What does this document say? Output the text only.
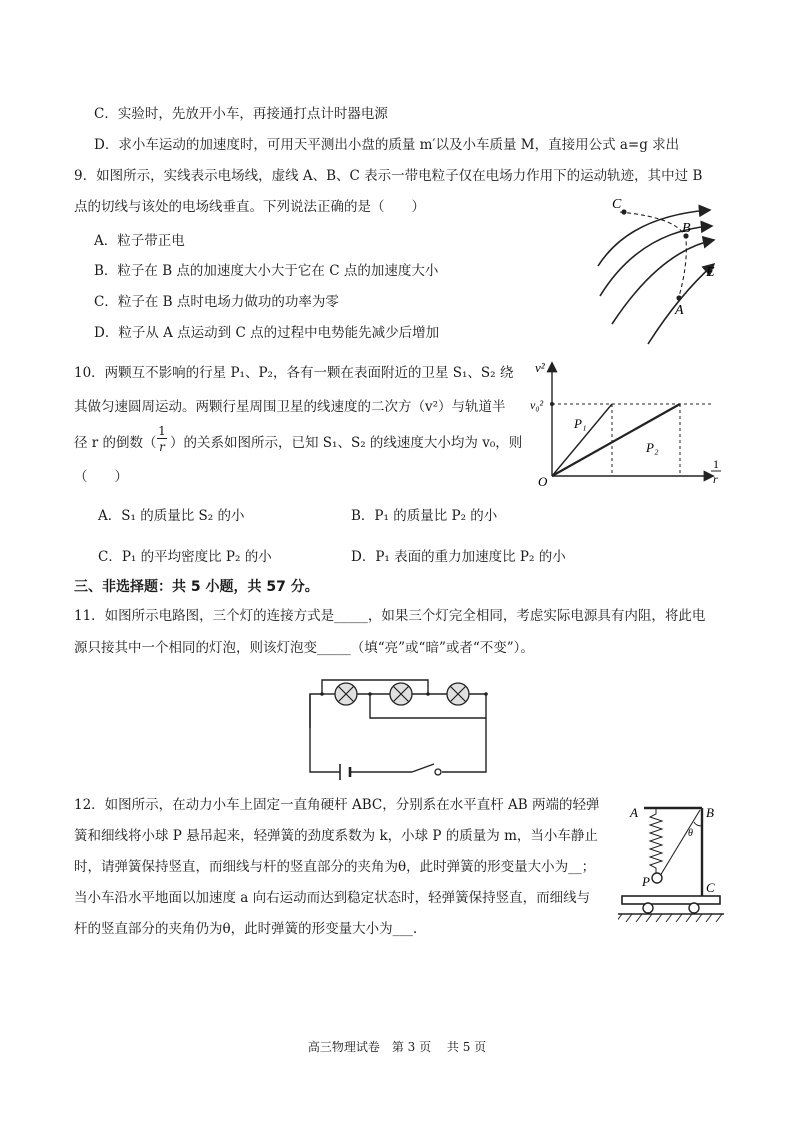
C．实验时，先放开小车，再接通打点计时器电源
D．求小车运动的加速度时，可用天平测出小盘的质量 m′以及小车质量 M，直接用公式 a=g 求出
9．如图所示，实线表示电场线，虚线 A、B、C 表示一带电粒子仅在电场力作用下的运动轨迹，其中过 B
点的切线与该处的电场线垂直。下列说法正确的是（　　）
A．粒子带正电
B．粒子在 B 点的加速度大小大于它在 C 点的加速度大小
C．粒子在 B 点时电场力做功的功率为零
D．粒子从 A 点运动到 C 点的过程中电势能先减少后增加
C
B
E
A
10．两颗互不影响的行星 P₁、P₂，各有一颗在表面附近的卫星 S₁、S₂ 绕
其做匀速圆周运动。两颗行星周围卫星的线速度的二次方（v²）与轨道半
径 r 的倒数（
1
r ）的关系如图所示，已知 S₁、S₂ 的线速度大小均为 v₀，则
（　　）
A．S₁ 的质量比 S₂ 的小	B．P₁ 的质量比 P₂ 的小
C．P₁ 的平均密度比 P₂ 的小	D．P₁ 表面的重力加速度比 P₂ 的小
v²
v₀²
O
P₁
P₂
1
r
三、非选择题：共 5 小题，共 57 分。
11．如图所示电路图，三个灯的连接方式是_____，如果三个灯完全相同，考虑实际电源具有内阻，将此电
源只接其中一个相同的灯泡，则该灯泡变_____（填“亮”或“暗”或者“不变”）。
12．如图所示，在动力小车上固定一直角硬杆 ABC，分别系在水平直杆 AB 两端的轻弹
簧和细线将小球 P 悬吊起来，轻弹簧的劲度系数为 k，小球 P 的质量为 m，当小车静止
时，请弹簧保持竖直，而细线与杆的竖直部分的夹角为θ，此时弹簧的形变量大小为__；
当小车沿水平地面以加速度 a 向右运动而达到稳定状态时，轻弹簧保持竖直，而细线与
杆的竖直部分的夹角仍为θ，此时弹簧的形变量大小为___.
A	B
C
P
θ
高三物理试卷　第 3 页　 共 5 页
